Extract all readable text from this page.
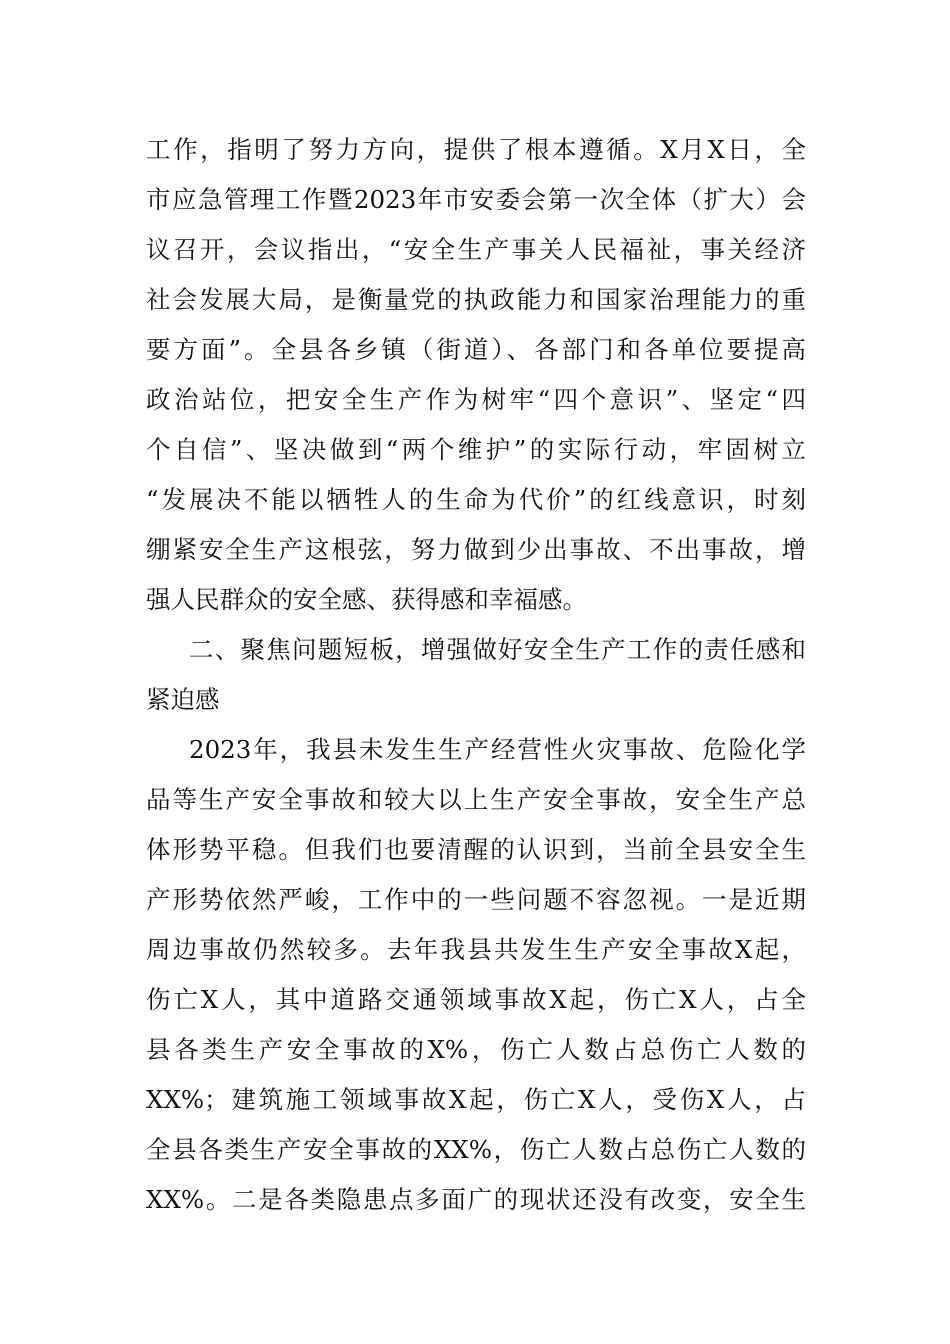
工作，指明了努力方向，提供了根本遵循。X月X日，全
市应急管理工作暨2023年市安委会第一次全体（扩大）会
议召开，会议指出，“安全生产事关人民福祉，事关经济
社会发展大局，是衡量党的执政能力和国家治理能力的重
要方面”。全县各乡镇（街道）、各部门和各单位要提高
政治站位，把安全生产作为树牢“四个意识”、坚定“四
个自信”、坚决做到“两个维护”的实际行动，牢固树立
“发展决不能以牺牲人的生命为代价”的红线意识，时刻
绷紧安全生产这根弦，努力做到少出事故、不出事故，增
强人民群众的安全感、获得感和幸福感。
二、聚焦问题短板，增强做好安全生产工作的责任感和
紧迫感
2023年，我县未发生生产经营性火灾事故、危险化学
品等生产安全事故和较大以上生产安全事故，安全生产总
体形势平稳。但我们也要清醒的认识到，当前全县安全生
产形势依然严峻，工作中的一些问题不容忽视。一是近期
周边事故仍然较多。去年我县共发生生产安全事故X起，
伤亡X人，其中道路交通领域事故X起，伤亡X人，占全
县各类生产安全事故的X%，伤亡人数占总伤亡人数的
XX%；建筑施工领域事故X起，伤亡X人，受伤X人，占
全县各类生产安全事故的XX%，伤亡人数占总伤亡人数的
XX%。二是各类隐患点多面广的现状还没有改变，安全生
